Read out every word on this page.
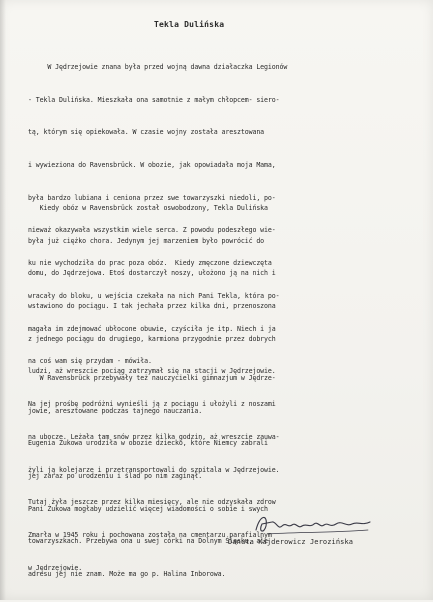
Tekla Dulińska

W Jędrzejowie znana była przed wojną dawna działaczka Legionów

- Tekla Dulińska. Mieszkała ona samotnie z małym chłopcem- siero-

tą, którym się opiekowała. W czasie wojny została aresztowana

i wywieziona do Ravensbrück. W obozie, jak opowiadała moja Mama,

była bardzo lubiana i ceniona przez swe towarzyszki niedoli, po-

nieważ okazywała wszystkim wiele serca. Z powodu podeszłego wie-

ku nie wychodziła do prac poza obóz.  Kiedy zmęczone dziewczęta

wracały do bloku, u wejścia czekała na nich Pani Tekla, która po-

magała im zdejmować ubłocone obuwie, czyściła je itp. Niech i ja

na coś wam się przydam - mówiła.

Kiedy obóz w Ravensbrück został oswobodzony, Tekla Dulińska

była już ciężko chora. Jedynym jej marzeniem było powrócić do

domu, do Jędrzejowa. Etoś dostarczył noszy, ułożono ją na nich i

wstawiono do pociągu. I tak jechała przez kilka dni, przenoszona

z jednego pociągu do drugiego, karmiona przygodnie przez dobrych

ludzi, aż wreszcie pociąg zatrzymał się na stacji w Jędrzejowie.

Na jej prośbę podróżni wynieśli ją z pociągu i ułożyli z noszami

na ubocze. Leżała tam snów przez kilka godzin, aż wreszcie zauwa-

żyli ją kolejarze i przetransportowali do szpitala w Jędrzejowie.

Tutaj żyła jeszcze przez kilka miesięcy, ale nie odzyskała zdrow

Zmarła w 1945 roku i pochowana została na cmentarzu parafialnym

w Jędrzejowie.

W Ravensbrück przebywały też nauczycielki gimnazjum w Jędrze-

jowie, aresztowane podczas tajnego nauczania.

Eugenia Żukowa urodziła w obozie dziecko, które Niemcy zabrali

jej zaraz po urodzeniu i ślad po nim zaginął.

Pani Żukowa mogłaby udzielić więcej wiadomości o sobie i swych

towarzyszkach. Przebywa ona u swej córki na Dolnym Śląsku, ale

adresu jej nie znam. Może ma go p. Halina Inborowa.

Danuta Kajderowicz Jerozińska
